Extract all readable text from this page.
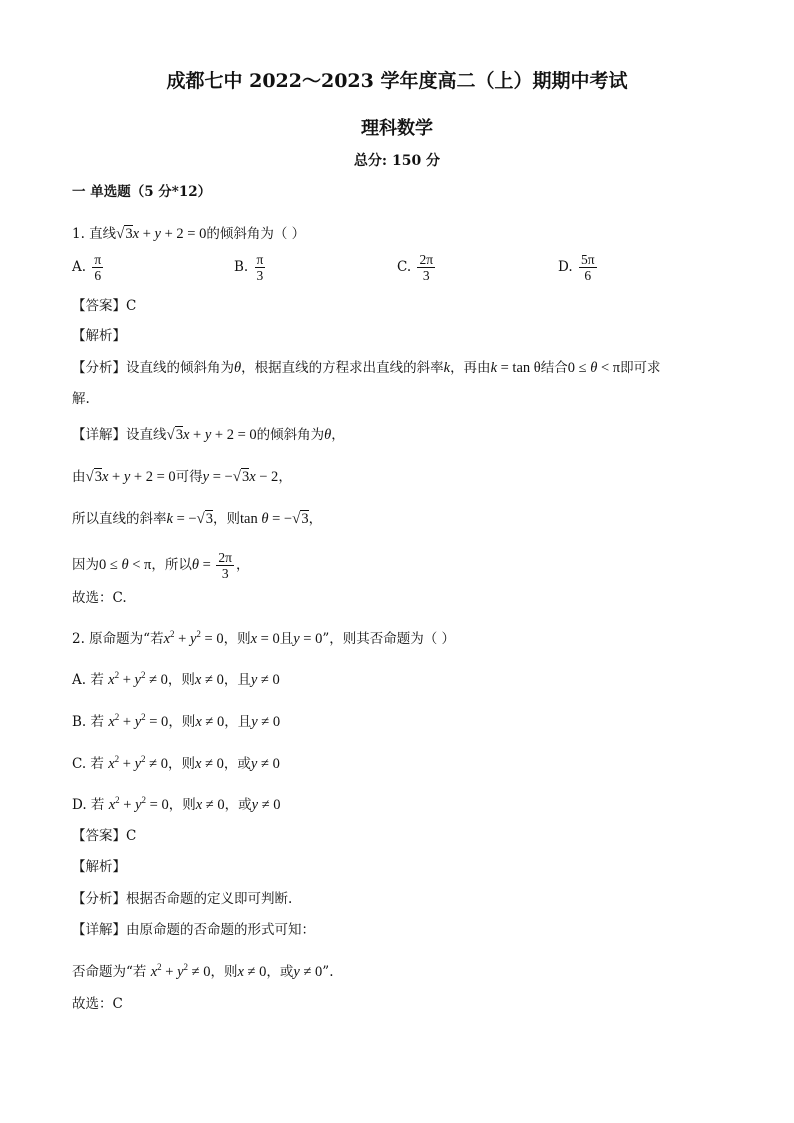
成都七中 2022～2023 学年度高二（上）期期中考试
理科数学
总分: 150 分
一 单选题（5 分*12）
1. 直线√3x + y + 2 = 0的倾斜角为（ ）
A. $\frac{\pi}{6}$	B. $\frac{\pi}{3}$	C. $\frac{2\pi}{3}$	D. $\frac{5\pi}{6}$
【答案】C
【解析】
【分析】设直线的倾斜角为θ，根据直线的方程求出直线的斜率k，再由k = tan θ结合0 ≤ θ < π即可求
解.
【详解】设直线√3x + y + 2 = 0的倾斜角为θ，
由√3x + y + 2 = 0可得y = −√3x − 2，
所以直线的斜率k = −√3，则tan θ = −√3，
因为0 ≤ θ < π，所以$\theta = \frac{2\pi}{3}$ ，
故选：C.
2. 原命题为“若$x^2 + y^2 = 0$，则x = 0且y = 0”，则其否命题为（ ）
A. 若 $x^2 + y^2 \ne 0$，则x ≠ 0，且y ≠ 0
B. 若 $x^2 + y^2 = 0$，则x ≠ 0，且y ≠ 0
C. 若 $x^2 + y^2 \ne 0$，则x ≠ 0，或y ≠ 0
D. 若 $x^2 + y^2 = 0$，则x ≠ 0，或y ≠ 0
【答案】C
【解析】
【分析】根据否命题的定义即可判断.
【详解】由原命题的否命题的形式可知：
否命题为“若 $x^2 + y^2 \ne 0$，则x ≠ 0，或y ≠ 0”.
故选：C
